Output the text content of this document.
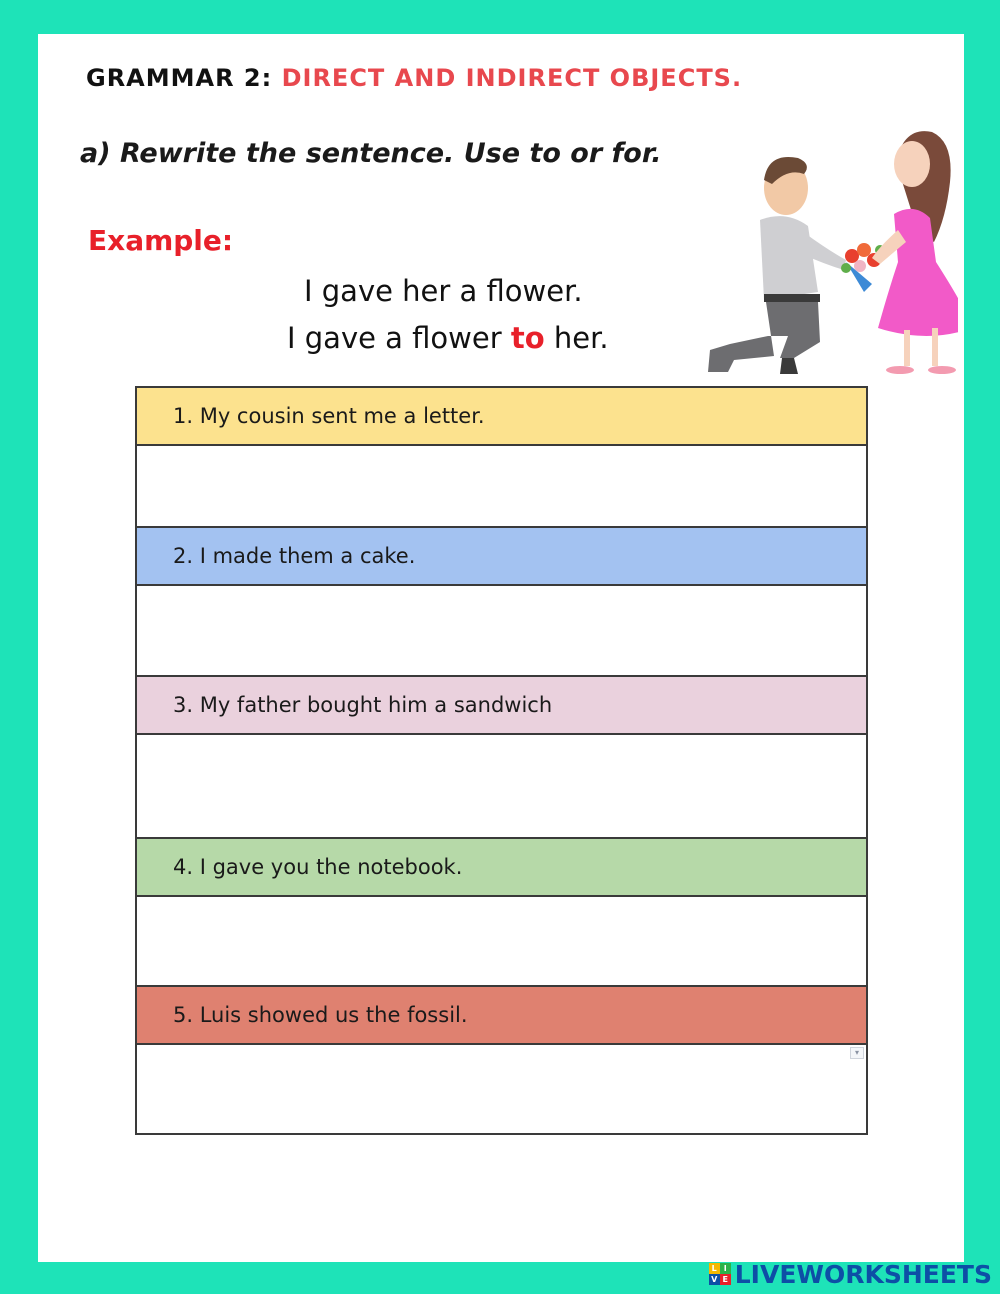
GRAMMAR 2: DIRECT AND INDIRECT OBJECTS.
a) Rewrite the sentence. Use to or for.
Example:
I gave her a flower.
I gave a flower to her.
1. My cousin sent me a letter.
2. I made them a cake.
3. My father bought him a sandwich
4. I gave you the notebook.
5. Luis showed us the fossil.
▾
L I
V E LIVEWORKSHEETS
